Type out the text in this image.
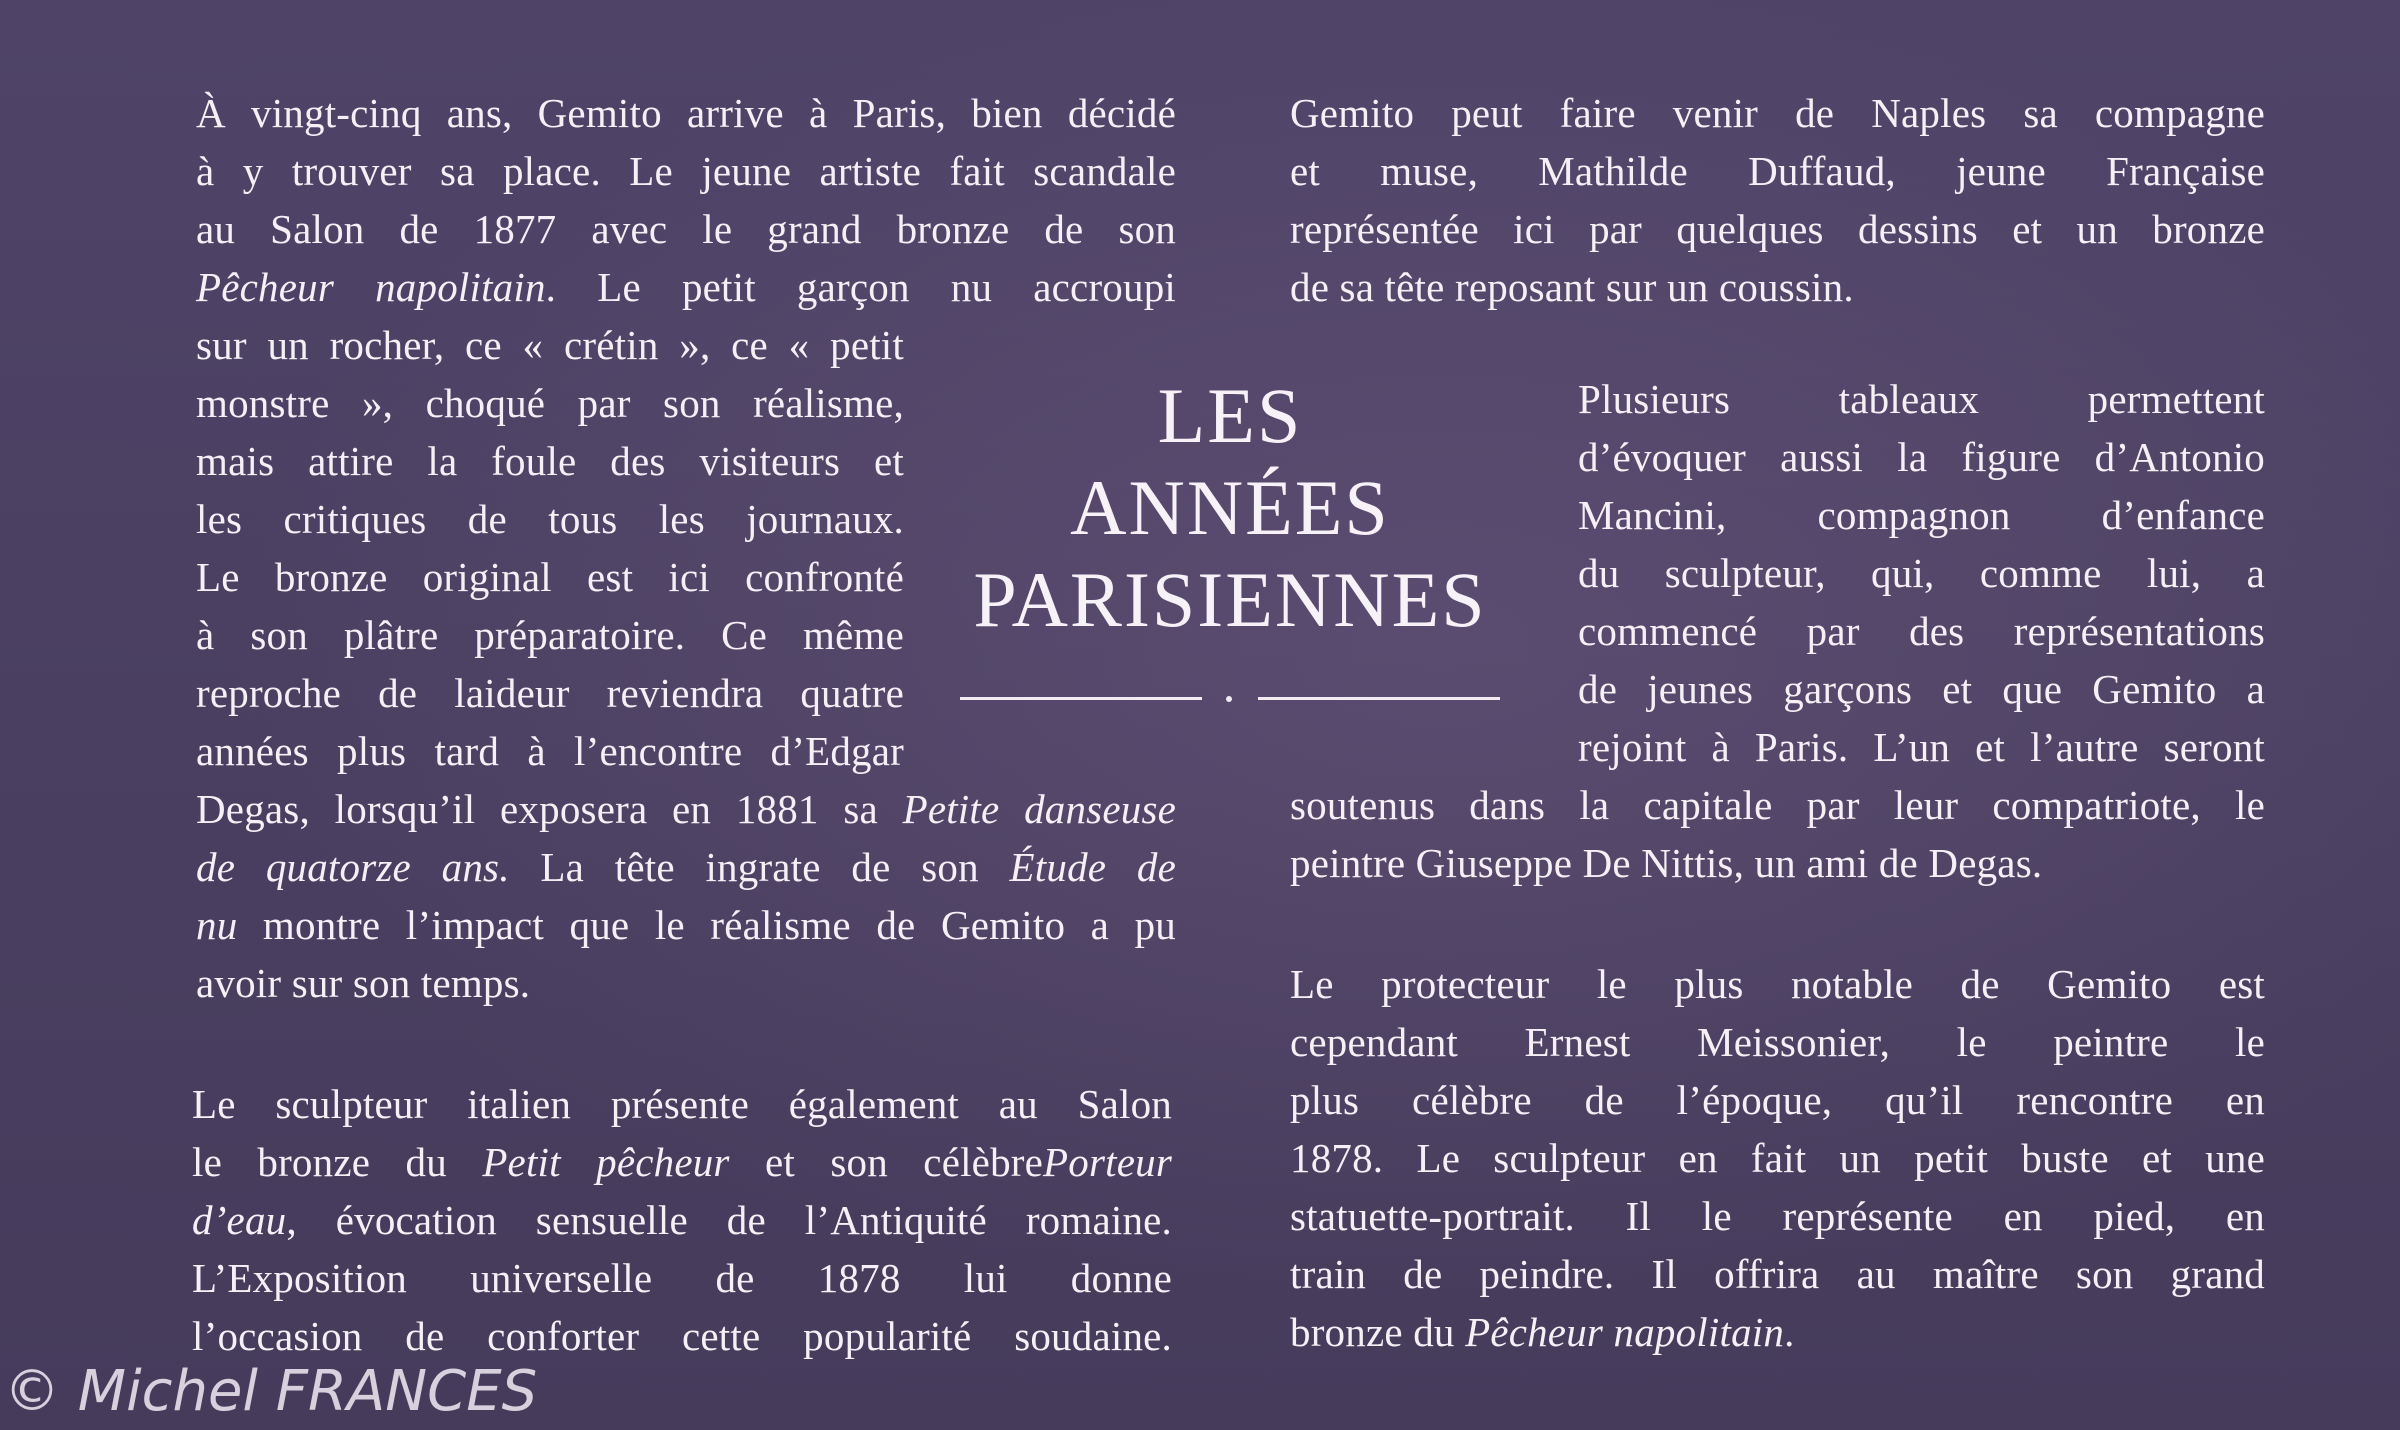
À vingt-cinq ans, Gemito arrive à Paris, bien décidé
à y trouver sa place. Le jeune artiste fait scandale
au Salon de 1877 avec le grand bronze de son
Pêcheur napolitain. Le petit garçon nu accroupi
sur un rocher, ce « crétin », ce « petit
monstre », choqué par son réalisme,
mais attire la foule des visiteurs et
les critiques de tous les journaux.
Le bronze original est ici confronté
à son plâtre préparatoire. Ce même
reproche de laideur reviendra quatre
années plus tard à l’encontre d’Edgar
Degas, lorsqu’il exposera en 1881 sa Petite danseuse
de quatorze ans. La tête ingrate de son Étude de
nu montre l’impact que le réalisme de Gemito a pu
avoir sur son temps.
Le sculpteur italien présente également au Salon
le bronze du Petit pêcheur et son célèbrePorteur
d’eau, évocation sensuelle de l’Antiquité romaine.
L’Exposition universelle de 1878 lui donne
l’occasion de conforter cette popularité soudaine.
LES
ANNÉES
PARISIENNES
Gemito peut faire venir de Naples sa compagne
et muse, Mathilde Duffaud, jeune Française
représentée ici par quelques dessins et un bronze
de sa tête reposant sur un coussin.
Plusieurs tableaux permettent
d’évoquer aussi la figure d’Antonio
Mancini, compagnon d’enfance
du sculpteur, qui, comme lui, a
commencé par des représentations
de jeunes garçons et que Gemito a
rejoint à Paris. L’un et l’autre seront
soutenus dans la capitale par leur compatriote, le
peintre Giuseppe De Nittis, un ami de Degas.
Le protecteur le plus notable de Gemito est
cependant Ernest Meissonier, le peintre le
plus célèbre de l’époque, qu’il rencontre en
1878. Le sculpteur en fait un petit buste et une
statuette-portrait. Il le représente en pied, en
train de peindre. Il offrira au maître son grand
bronze du Pêcheur napolitain.
© Michel FRANCES
